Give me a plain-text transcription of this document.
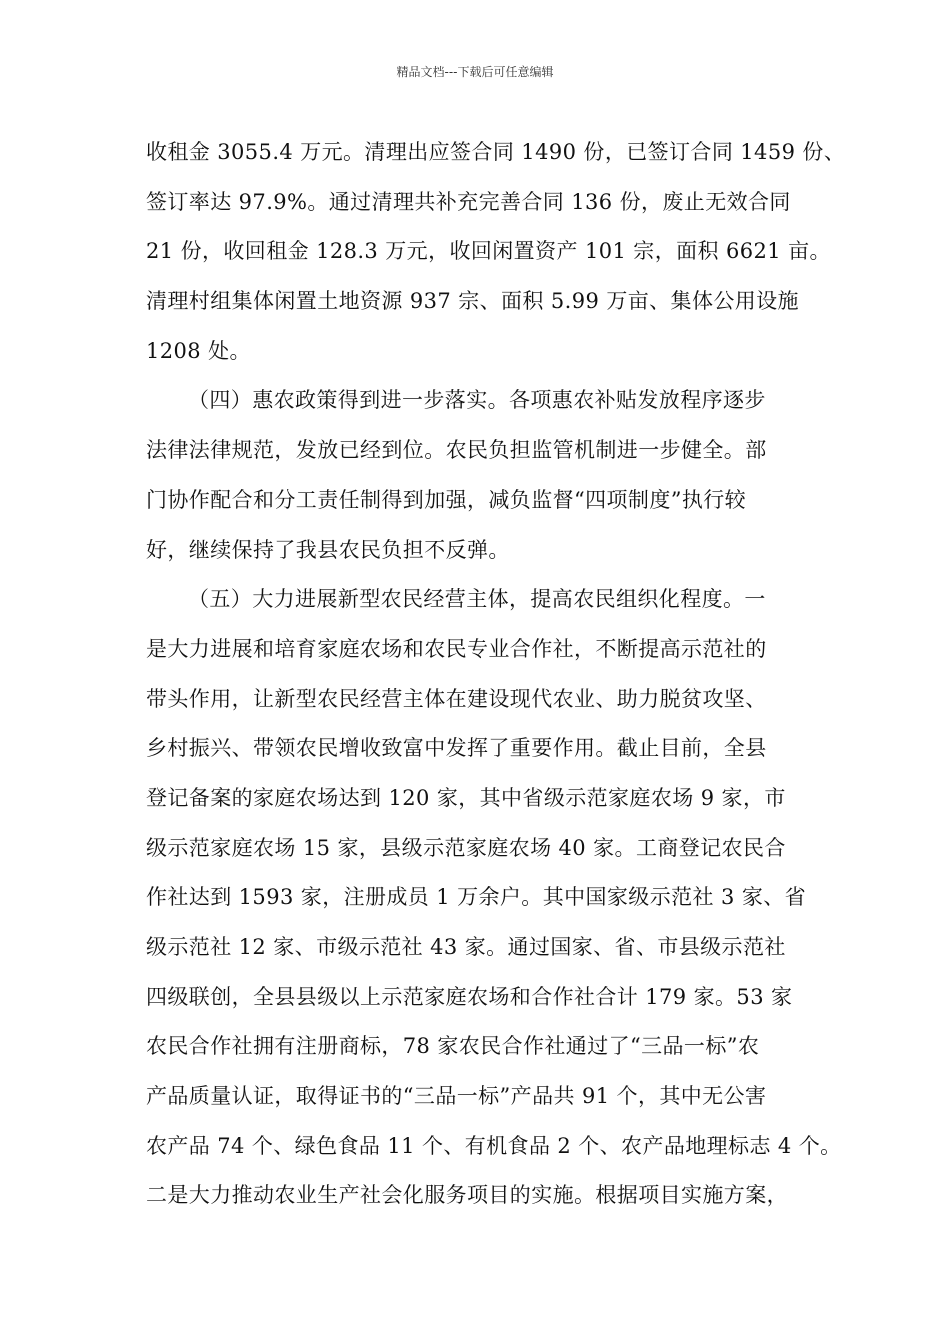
精品文档---下载后可任意编辑
收租金 3055.4 万元。清理出应签合同 1490 份，已签订合同 1459 份、
签订率达 97.9%。通过清理共补充完善合同 136 份，废止无效合同
21 份，收回租金 128.3 万元，收回闲置资产 101 宗，面积 6621 亩。
清理村组集体闲置土地资源 937 宗、面积 5.99 万亩、集体公用设施
1208 处。
（四）惠农政策得到进一步落实。各项惠农补贴发放程序逐步
法律法律规范，发放已经到位。农民负担监管机制进一步健全。部
门协作配合和分工责任制得到加强，减负监督“四项制度”执行较
好，继续保持了我县农民负担不反弹。
（五）大力进展新型农民经营主体，提高农民组织化程度。一
是大力进展和培育家庭农场和农民专业合作社，不断提高示范社的
带头作用，让新型农民经营主体在建设现代农业、助力脱贫攻坚、
乡村振兴、带领农民增收致富中发挥了重要作用。截止目前，全县
登记备案的家庭农场达到 120 家，其中省级示范家庭农场 9 家，市
级示范家庭农场 15 家，县级示范家庭农场 40 家。工商登记农民合
作社达到 1593 家，注册成员 1 万余户。其中国家级示范社 3 家、省
级示范社 12 家、市级示范社 43 家。通过国家、省、市县级示范社
四级联创，全县县级以上示范家庭农场和合作社合计 179 家。53 家
农民合作社拥有注册商标，78 家农民合作社通过了“三品一标”农
产品质量认证，取得证书的“三品一标”产品共 91 个，其中无公害
农产品 74 个、绿色食品 11 个、有机食品 2 个、农产品地理标志 4 个。
二是大力推动农业生产社会化服务项目的实施。根据项目实施方案，
